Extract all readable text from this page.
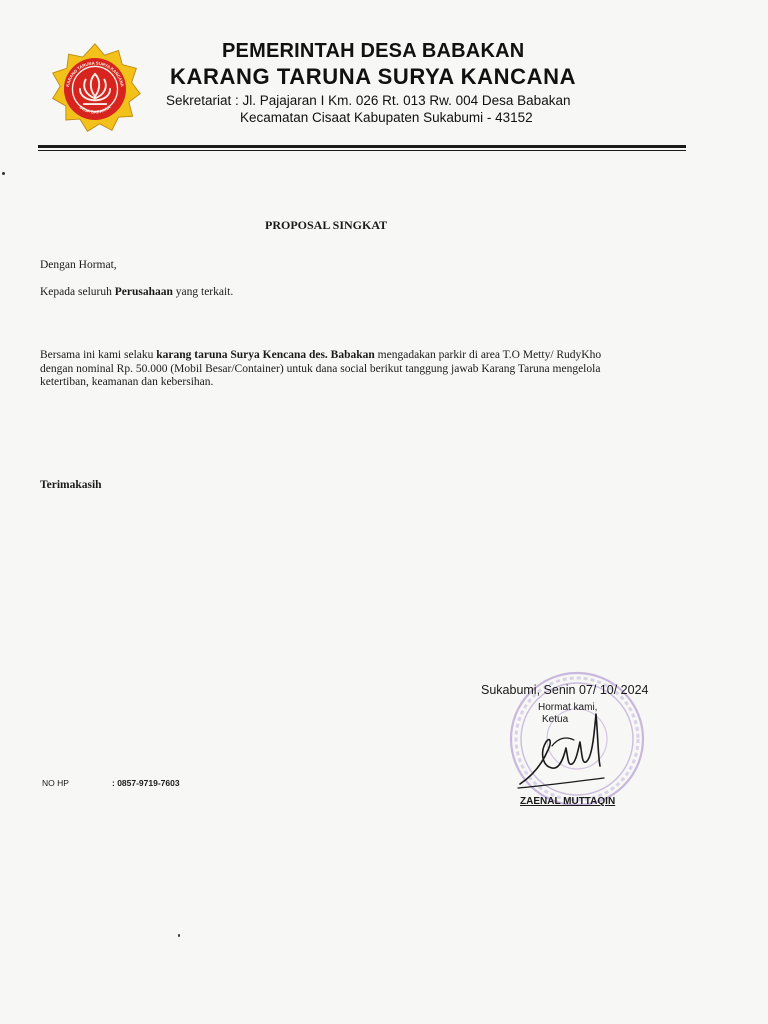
KARANG TARUNA SURYA KANCANA
DESA BABAKAN
PEMERINTAH DESA BABAKAN
KARANG TARUNA SURYA KANCANA
Sekretariat : Jl. Pajajaran I Km. 026 Rt. 013 Rw. 004 Desa Babakan
Kecamatan Cisaat Kabupaten Sukabumi - 43152
PROPOSAL SINGKAT
Dengan Hormat,
Kepada seluruh Perusahaan yang terkait.
Bersama ini kami selaku karang taruna Surya Kencana des. Babakan mengadakan parkir di area T.O Metty/ RudyKho
dengan nominal Rp. 50.000 (Mobil Besar/Container) untuk dana social berikut tanggung jawab Karang Taruna mengelola
ketertiban, keamanan dan kebersihan.
Terimakasih
NO HP	: 0857-9719-7603
Sukabumi, Senin 07/ 10/ 2024
Hormat kami,
Ketua
ZAENAL MUTTAQIN
